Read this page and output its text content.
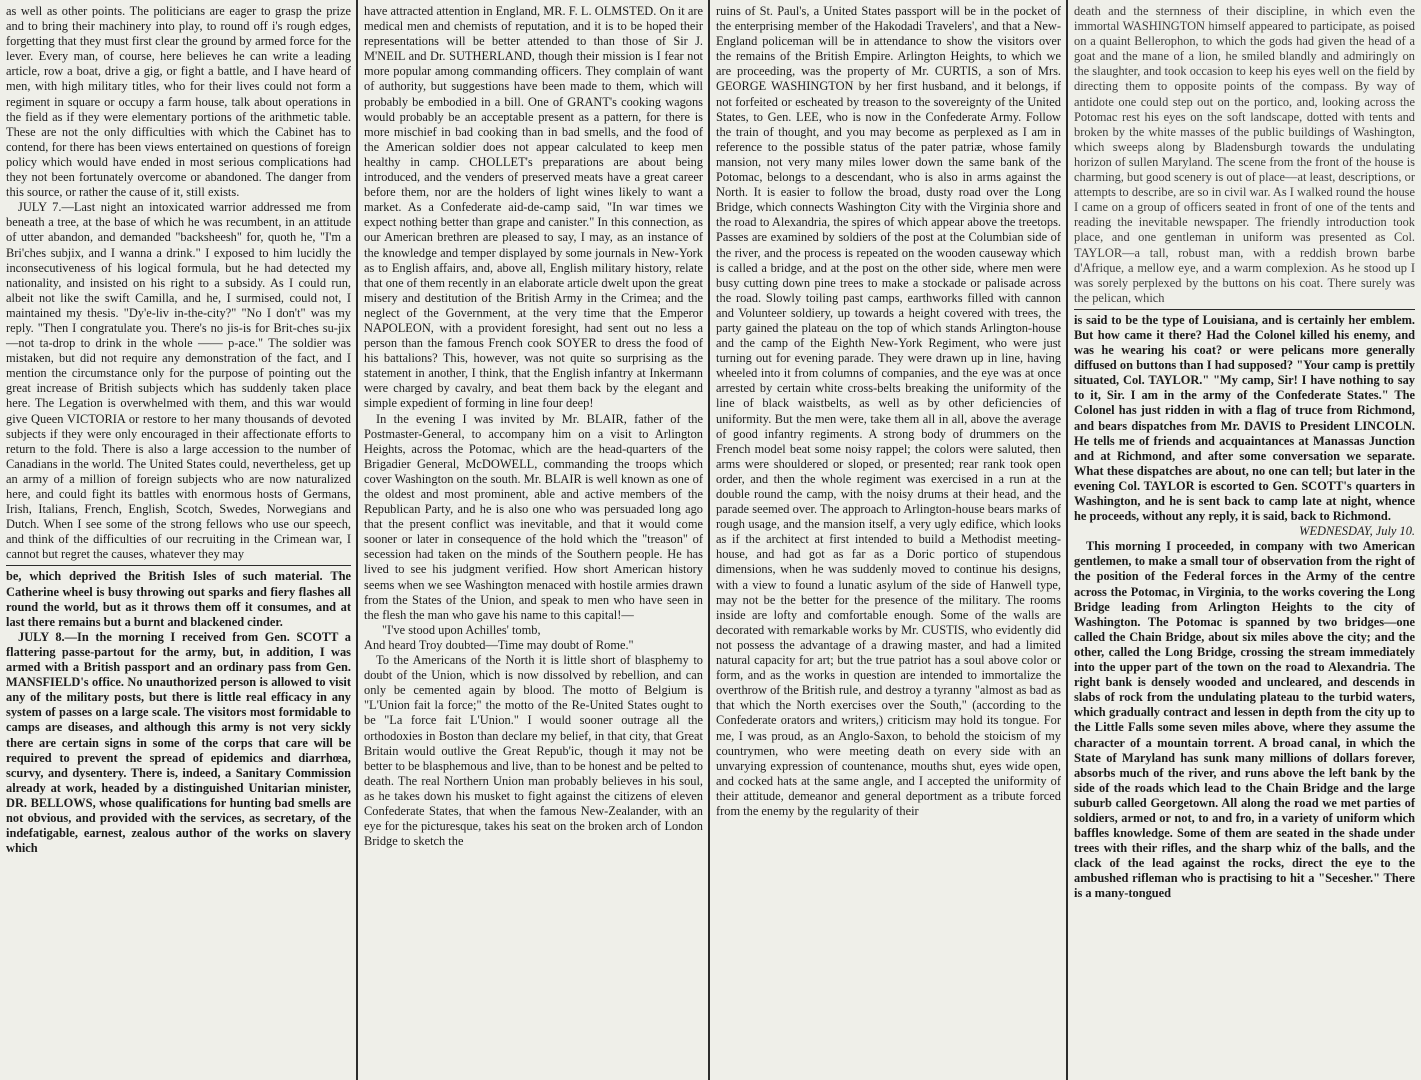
as well as other points. The politicians are eager to grasp the prize and to bring their machinery into play, to round off i's rough edges, forgetting that they must first clear the ground by armed force for the lever. Every man, of course, here believes he can write a leading article, row a boat, drive a gig, or fight a battle, and I have heard of men, with high military titles, who for their lives could not form a regiment in square or occupy a farm house, talk about operations in the field as if they were elementary portions of the arithmetic table. These are not the only difficulties with which the Cabinet has to contend, for there has been views entertained on questions of foreign policy which would have ended in most serious complications had they not been fortunately overcome or abandoned. The danger from this source, or rather the cause of it, still exists.

JULY 7.—Last night an intoxicated warrior addressed me from beneath a tree, at the base of which he was recumbent, in an attitude of utter abandon, and demanded "backsheesh" for, quoth he, "I'm a Bri'ches subjix, and I wanna a drink." I exposed to him lucidly the inconsecutiveness of his logical formula, but he had detected my nationality, and insisted on his right to a subsidy. As I could run, albeit not like the swift Camilla, and he, I surmised, could not, I maintained my thesis. "Dy'e-liv in-the-city?" "No I don't" was my reply. "Then I congratulate you. There's no jis-is for Brit-ches su-jix—not ta-drop to drink in the whole —— p-ace." The soldier was mistaken, but did not require any demonstration of the fact, and I mention the circumstance only for the purpose of pointing out the great increase of British subjects which has suddenly taken place here. The Legation is overwhelmed with them, and this war would give Queen VICTORIA or restore to her many thousands of devoted subjects if they were only encouraged in their affectionate efforts to return to the fold. There is also a large accession to the number of Canadians in the world. The United States could, nevertheless, get up an army of a million of foreign subjects who are now naturalized here, and could fight its battles with enormous hosts of Germans, Irish, Italians, French, English, Scotch, Swedes, Norwegians and Dutch. When I see some of the strong fellows who use our speech, and think of the difficulties of our recruiting in the Crimean war, I cannot but regret the causes, whatever they may

be, which deprived the British Isles of such material. The Catherine wheel is busy throwing out sparks and fiery flashes all round the world, but as it throws them off it consumes, and at last there remains but a burnt and blackened cinder.

JULY 8.—In the morning I received from Gen. SCOTT a flattering passe-partout for the army, but, in addition, I was armed with a British passport and an ordinary pass from Gen. MANSFIELD's office. No unauthorized person is allowed to visit any of the military posts, but there is little real efficacy in any system of passes on a large scale. The visitors most formidable to camps are diseases, and although this army is not very sickly there are certain signs in some of the corps that care will be required to prevent the spread of epidemics and diarrhœa, scurvy, and dysentery. There is, indeed, a Sanitary Commission already at work, headed by a distinguished Unitarian minister, DR. BELLOWS, whose qualifications for hunting bad smells are not obvious, and provided with the services, as secretary, of the indefatigable, earnest, zealous author of the works on slavery which

have attracted attention in England, MR. F. L. OLMSTED. On it are medical men and chemists of reputation, and it is to be hoped their representations will be better attended to than those of Sir J. M'NEIL and Dr. SUTHERLAND, though their mission is I fear not more popular among commanding officers. They complain of want of authority, but suggestions have been made to them, which will probably be embodied in a bill. One of GRANT's cooking wagons would probably be an acceptable present as a pattern, for there is more mischief in bad cooking than in bad smells, and the food of the American soldier does not appear calculated to keep men healthy in camp. CHOLLET's preparations are about being introduced, and the venders of preserved meats have a great career before them, nor are the holders of light wines likely to want a market. As a Confederate aid-de-camp said, "In war times we expect nothing better than grape and canister." In this connection, as our American brethren are pleased to say, I may, as an instance of the knowledge and temper displayed by some journals in New-York as to English affairs, and, above all, English military history, relate that one of them recently in an elaborate article dwelt upon the great misery and destitution of the British Army in the Crimea; and the neglect of the Government, at the very time that the Emperor NAPOLEON, with a provident foresight, had sent out no less a person than the famous French cook SOYER to dress the food of his battalions? This, however, was not quite so surprising as the statement in another, I think, that the English infantry at Inkermann were charged by cavalry, and beat them back by the elegant and simple expedient of forming in line four deep!

In the evening I was invited by Mr. BLAIR, father of the Postmaster-General, to accompany him on a visit to Arlington Heights, across the Potomac, which are the head-quarters of the Brigadier General, McDOWELL, commanding the troops which cover Washington on the south. Mr. BLAIR is well known as one of the oldest and most prominent, able and active members of the Republican Party, and he is also one who was persuaded long ago that the present conflict was inevitable, and that it would come sooner or later in consequence of the hold which the "treason" of secession had taken on the minds of the Southern people. He has lived to see his judgment verified. How short American history seems when we see Washington menaced with hostile armies drawn from the States of the Union, and speak to men who have seen in the flesh the man who gave his name to this capital!—

"I've stood upon Achilles' tomb,

And heard Troy doubted—Time may doubt of Rome."

To the Americans of the North it is little short of blasphemy to doubt of the Union, which is now dissolved by rebellion, and can only be cemented again by blood. The motto of Belgium is "L'Union fait la force;" the motto of the Re-United States ought to be "La force fait L'Union." I would sooner outrage all the orthodoxies in Boston than declare my belief, in that city, that Great Britain would outlive the Great Repub'ic, though it may not be better to be blasphemous and live, than to be honest and be pelted to death. The real Northern Union man probably believes in his soul, as he takes down his musket to fight against the citizens of eleven Confederate States, that when the famous New-Zealander, with an eye for the picturesque, takes his seat on the broken arch of London Bridge to sketch the

ruins of St. Paul's, a United States passport will be in the pocket of the enterprising member of the Hakodadi Travelers', and that a New-England policeman will be in attendance to show the visitors over the remains of the British Empire. Arlington Heights, to which we are proceeding, was the property of Mr. CURTIS, a son of Mrs. GEORGE WASHINGTON by her first husband, and it belongs, if not forfeited or escheated by treason to the sovereignty of the United States, to Gen. LEE, who is now in the Confederate Army. Follow the train of thought, and you may become as perplexed as I am in reference to the possible status of the pater patriæ, whose family mansion, not very many miles lower down the same bank of the Potomac, belongs to a descendant, who is also in arms against the North. It is easier to follow the broad, dusty road over the Long Bridge, which connects Washington City with the Virginia shore and the road to Alexandria, the spires of which appear above the treetops. Passes are examined by soldiers of the post at the Columbian side of the river, and the process is repeated on the wooden causeway which is called a bridge, and at the post on the other side, where men were busy cutting down pine trees to make a stockade or palisade across the road. Slowly toiling past camps, earthworks filled with cannon and Volunteer soldiery, up towards a height covered with trees, the party gained the plateau on the top of which stands Arlington-house and the camp of the Eighth New-York Regiment, who were just turning out for evening parade. They were drawn up in line, having wheeled into it from columns of companies, and the eye was at once arrested by certain white cross-belts breaking the uniformity of the line of black waistbelts, as well as by other deficiencies of uniformity. But the men were, take them all in all, above the average of good infantry regiments. A strong body of drummers on the French model beat some noisy rappel; the colors were saluted, then arms were shouldered or sloped, or presented; rear rank took open order, and then the whole regiment was exercised in a run at the double round the camp, with the noisy drums at their head, and the parade seemed over. The approach to Arlington-house bears marks of rough usage, and the mansion itself, a very ugly edifice, which looks as if the architect at first intended to build a Methodist meeting-house, and had got as far as a Doric portico of stupendous dimensions, when he was suddenly moved to continue his designs, with a view to found a lunatic asylum of the side of Hanwell type, may not be the better for the presence of the military. The rooms inside are lofty and comfortable enough. Some of the walls are decorated with remarkable works by Mr. CUSTIS, who evidently did not possess the advantage of a drawing master, and had a limited natural capacity for art; but the true patriot has a soul above color or form, and as the works in question are intended to immortalize the overthrow of the British rule, and destroy a tyranny "almost as bad as that which the North exercises over the South," (according to the Confederate orators and writers,) criticism may hold its tongue. For me, I was proud, as an Anglo-Saxon, to behold the stoicism of my countrymen, who were meeting death on every side with an unvarying expression of countenance, mouths shut, eyes wide open, and cocked hats at the same angle, and I accepted the uniformity of their attitude, demeanor and general deportment as a tribute forced from the enemy by the regularity of their

death and the sternness of their discipline, in which even the immortal WASHINGTON himself appeared to participate, as poised on a quaint Bellerophon, to which the gods had given the head of a goat and the mane of a lion, he smiled blandly and admiringly on the slaughter, and took occasion to keep his eyes well on the field by directing them to opposite points of the compass. By way of antidote one could step out on the portico, and, looking across the Potomac rest his eyes on the soft landscape, dotted with tents and broken by the white masses of the public buildings of Washington, which sweeps along by Bladensburgh towards the undulating horizon of sullen Maryland. The scene from the front of the house is charming, but good scenery is out of place—at least, descriptions, or attempts to describe, are so in civil war. As I walked round the house I came on a group of officers seated in front of one of the tents and reading the inevitable newspaper. The friendly introduction took place, and one gentleman in uniform was presented as Col. TAYLOR—a tall, robust man, with a reddish brown barbe d'Afrique, a mellow eye, and a warm complexion. As he stood up I was sorely perplexed by the buttons on his coat. There surely was the pelican, which

is said to be the type of Louisiana, and is certainly her emblem. But how came it there? Had the Colonel killed his enemy, and was he wearing his coat? or were pelicans more generally diffused on buttons than I had supposed? "Your camp is prettily situated, Col. TAYLOR." "My camp, Sir! I have nothing to say to it, Sir. I am in the army of the Confederate States." The Colonel has just ridden in with a flag of truce from Richmond, and bears dispatches from Mr. DAVIS to President LINCOLN. He tells me of friends and acquaintances at Manassas Junction and at Richmond, and after some conversation we separate. What these dispatches are about, no one can tell; but later in the evening Col. TAYLOR is escorted to Gen. SCOTT's quarters in Washington, and he is sent back to camp late at night, whence he proceeds, without any reply, it is said, back to Richmond.

WEDNESDAY, July 10.

This morning I proceeded, in company with two American gentlemen, to make a small tour of observation from the right of the position of the Federal forces in the Army of the centre across the Potomac, in Virginia, to the works covering the Long Bridge leading from Arlington Heights to the city of Washington. The Potomac is spanned by two bridges—one called the Chain Bridge, about six miles above the city; and the other, called the Long Bridge, crossing the stream immediately into the upper part of the town on the road to Alexandria. The right bank is densely wooded and uncleared, and descends in slabs of rock from the undulating plateau to the turbid waters, which gradually contract and lessen in depth from the city up to the Little Falls some seven miles above, where they assume the character of a mountain torrent. A broad canal, in which the State of Maryland has sunk many millions of dollars forever, absorbs much of the river, and runs above the left bank by the side of the roads which lead to the Chain Bridge and the large suburb called Georgetown. All along the road we met parties of soldiers, armed or not, to and fro, in a variety of uniform which baffles knowledge. Some of them are seated in the shade under trees with their rifles, and the sharp whiz of the balls, and the clack of the lead against the rocks, direct the eye to the ambushed rifleman who is practising to hit a "Secesher." There is a many-tongued
